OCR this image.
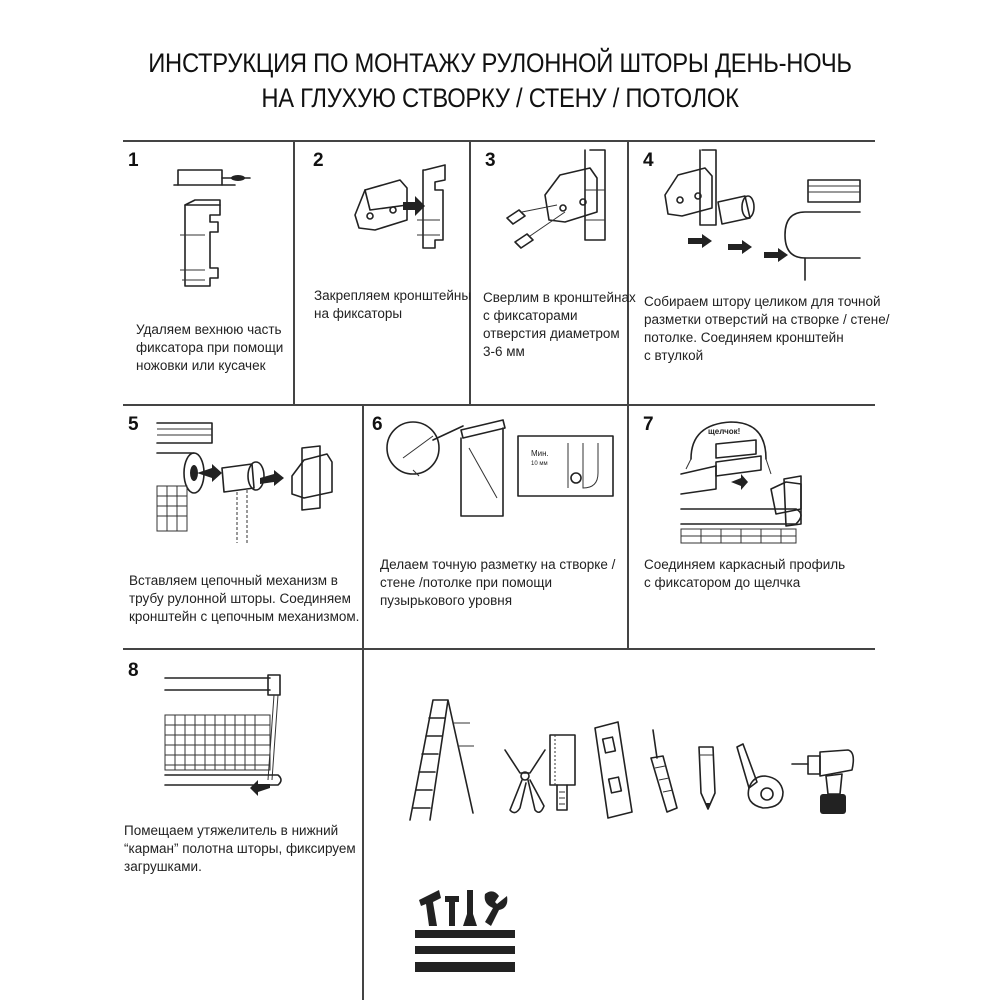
ИНСТРУКЦИЯ ПО МОНТАЖУ РУЛОННОЙ ШТОРЫ ДЕНЬ-НОЧЬ
НА ГЛУХУЮ СТВОРКУ / СТЕНУ / ПОТОЛОК
1
Удаляем вехнюю часть
фиксатора при помощи
ножовки или кусачек
2
Закрепляем кронштейны
на фиксаторы
3
Сверлим в кронштейнах
с фиксаторами
отверстия диаметром
3-6 мм
4
Собираем штору целиком для точной
разметки отверстий на створке / стене/
потолке. Соединяем кронштейн
с втулкой
5
Вставляем цепочный механизм в
трубу рулонной шторы. Соединяем
кронштейн с цепочным механизмом.
6
Мин.
10 мм
Делаем точную разметку на створке /
стене /потолке при помощи
пузырькового уровня
7	щелчок!
Соединяем каркасный профиль
с фиксатором до щелчка
8
Помещаем утяжелитель в нижний
“карман” полотна шторы, фиксируем
загрушками.
